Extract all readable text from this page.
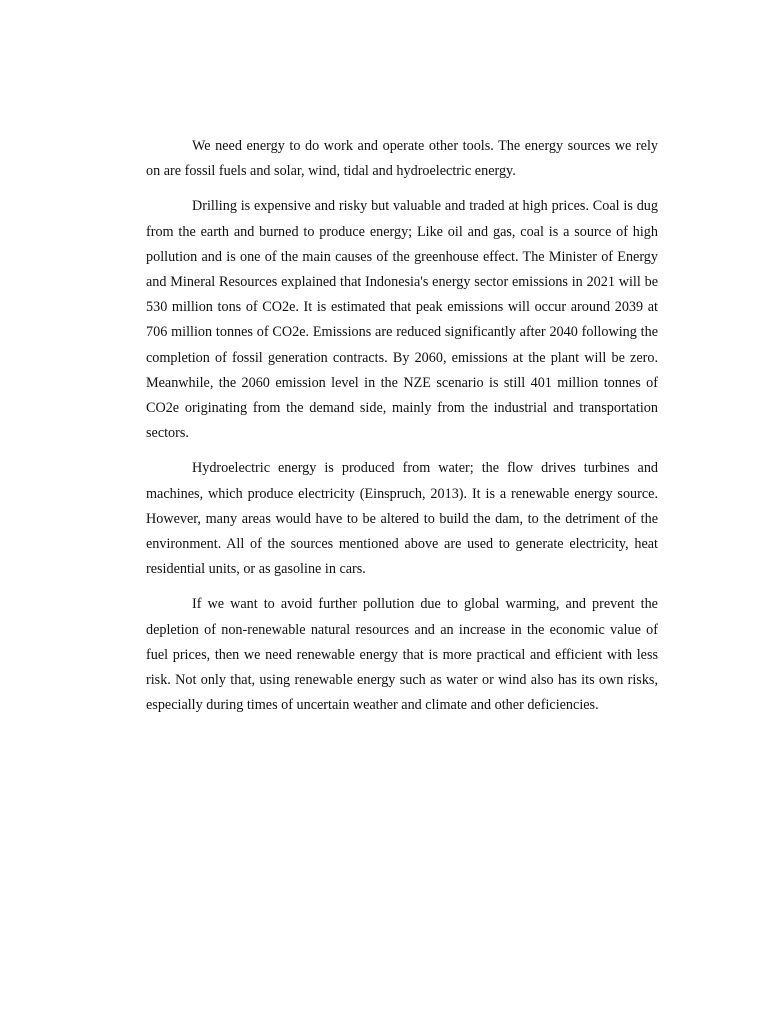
We need energy to do work and operate other tools. The energy sources we rely on are fossil fuels and solar, wind, tidal and hydroelectric energy.

Drilling is expensive and risky but valuable and traded at high prices. Coal is dug from the earth and burned to produce energy; Like oil and gas, coal is a source of high pollution and is one of the main causes of the greenhouse effect. The Minister of Energy and Mineral Resources explained that Indonesia's energy sector emissions in 2021 will be 530 million tons of CO2e. It is estimated that peak emissions will occur around 2039 at 706 million tonnes of CO2e. Emissions are reduced significantly after 2040 following the completion of fossil generation contracts. By 2060, emissions at the plant will be zero. Meanwhile, the 2060 emission level in the NZE scenario is still 401 million tonnes of CO2e originating from the demand side, mainly from the industrial and transportation sectors.

Hydroelectric energy is produced from water; the flow drives turbines and machines, which produce electricity (Einspruch, 2013). It is a renewable energy source. However, many areas would have to be altered to build the dam, to the detriment of the environment. All of the sources mentioned above are used to generate electricity, heat residential units, or as gasoline in cars.

If we want to avoid further pollution due to global warming, and prevent the depletion of non-renewable natural resources and an increase in the economic value of fuel prices, then we need renewable energy that is more practical and efficient with less risk. Not only that, using renewable energy such as water or wind also has its own risks, especially during times of uncertain weather and climate and other deficiencies.
